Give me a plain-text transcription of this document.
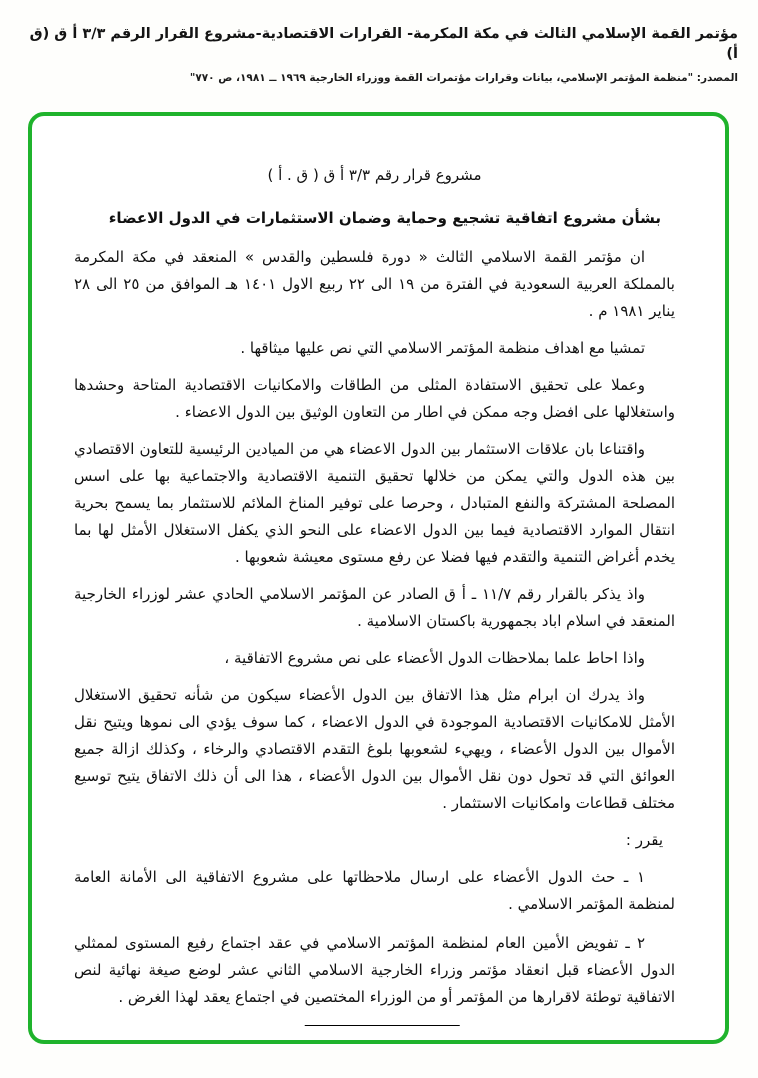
مؤتمر القمة الإسلامي الثالث في مكة المكرمة- القرارات الاقتصادية-مشروع القرار الرقم ٣/٣ أ ق (ق أ)
المصدر: "منظمة المؤتمر الإسلامي، بيانات وقرارات مؤتمرات القمة ووزراء الخارجية ١٩٦٩ ــ ١٩٨١، ص ٧٧٠"
مشروع قرار رقم ٣/٣ أ ق ( ق . أ )
بشأن مشروع اتفاقية تشجيع وحماية وضمان الاستثمارات في الدول الاعضاء

ان مؤتمر القمة الاسلامي الثالث « دورة فلسطين والقدس » المنعقد في مكة المكرمة بالمملكة العربية السعودية في الفترة من ١٩ الى ٢٢ ربيع الاول ١٤٠١ هـ الموافق من ٢٥ الى ٢٨ يناير ١٩٨١ م .

تمشيا مع اهداف منظمة المؤتمر الاسلامي التي نص عليها ميثاقها .

وعملا على تحقيق الاستفادة المثلى من الطاقات والامكانيات الاقتصادية المتاحة وحشدها واستغلالها على افضل وجه ممكن في اطار من التعاون الوثيق بين الدول الاعضاء .

واقتناعا بان علاقات الاستثمار بين الدول الاعضاء هي من الميادين الرئيسية للتعاون الاقتصادي بين هذه الدول والتي يمكن من خلالها تحقيق التنمية الاقتصادية والاجتماعية بها على اسس المصلحة المشتركة والنفع المتبادل ، وحرصا على توفير المناخ الملائم للاستثمار بما يسمح بحرية انتقال الموارد الاقتصادية فيما بين الدول الاعضاء على النحو الذي يكفل الاستغلال الأمثل لها بما يخدم أغراض التنمية والتقدم فيها فضلا عن رفع مستوى معيشة شعوبها .

واذ يذكر بالقرار رقم ١١/٧ ـ أ ق الصادر عن المؤتمر الاسلامي الحادي عشر لوزراء الخارجية المنعقد في اسلام اباد بجمهورية باكستان الاسلامية .

واذا احاط علما بملاحظات الدول الأعضاء على نص مشروع الاتفاقية ،

واذ يدرك ان ابرام مثل هذا الاتفاق بين الدول الأعضاء سيكون من شأنه تحقيق الاستغلال الأمثل للامكانيات الاقتصادية الموجودة في الدول الاعضاء ، كما سوف يؤدي الى نموها ويتيح نقل الأموال بين الدول الأعضاء ، ويهيء لشعوبها بلوغ التقدم الاقتصادي والرخاء ، وكذلك ازالة جميع العوائق التي قد تحول دون نقل الأموال بين الدول الأعضاء ، هذا الى أن ذلك الاتفاق يتيح توسيع مختلف قطاعات وامكانيات الاستثمار .

يقرر :

١ ـ حث الدول الأعضاء على ارسال ملاحظاتها على مشروع الاتفاقية الى الأمانة العامة لمنظمة المؤتمر الاسلامي .

٢ ـ تفويض الأمين العام لمنظمة المؤتمر الاسلامي في عقد اجتماع رفيع المستوى لممثلي الدول الأعضاء قبل انعقاد مؤتمر وزراء الخارجية الاسلامي الثاني عشر لوضع صيغة نهائية لنص الاتفاقية توطئة لاقرارها من المؤتمر أو من الوزراء المختصين في اجتماع يعقد لهذا الغرض .
